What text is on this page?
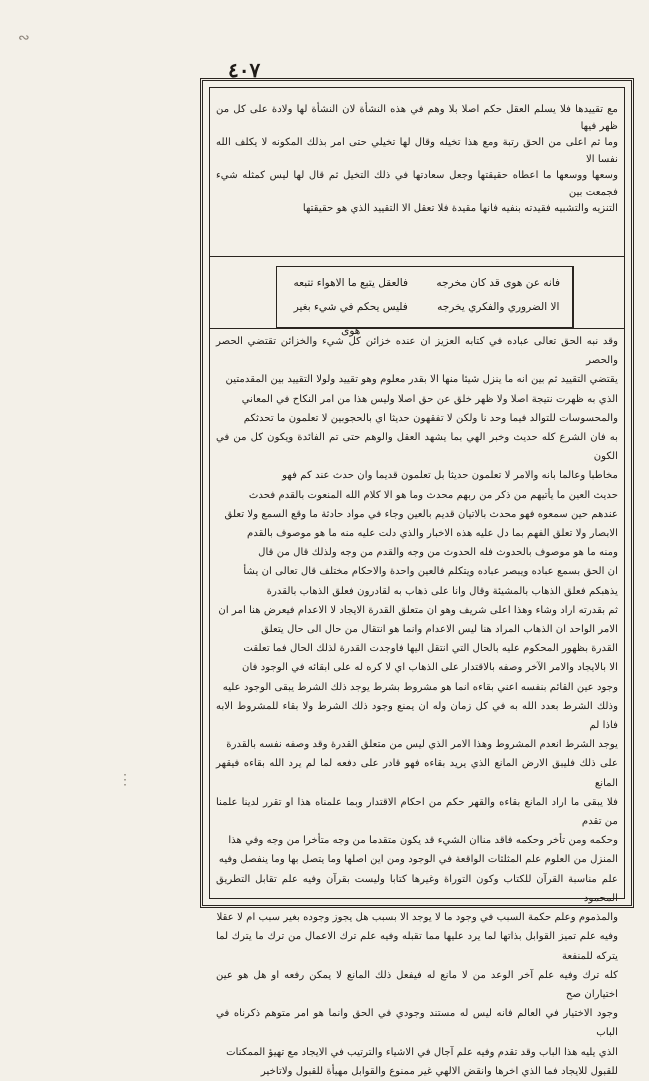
∾
⋮
٤٠٧

مع تقييدها فلا يسلم العقل حكم اصلا بلا وهم في هذه النشأة لان النشأة لها ولادة على كل من ظهر فيها

وما ثم اعلى من الحق رتبة ومع هذا تخيله وقال لها تخيلي حتى امر بذلك المكونه لا يكلف الله نفسا الا

وسعها ووسعها ما اعطاه حقيقتها وجعل سعادتها في ذلك التخيل ثم قال لها ليس كمثله شيء فجمعت بين

التنزيه والتشبيه فقيدته بنفيه فانها مقيدة فلا تعقل الا التقييد الذي هو حقيقتها

فالعقل يتبع ما الاهواء تتبعه
فليس يحكم في شيء بغير هوى
فانه عن هوى قد كان مخرجه
الا الضروري والفكري يخرجه

وقد نبه الحق تعالى عباده في كتابه العزيز ان عنده خزائن كل شيء والخزائن تقتضي الحصر والحصر

يقتضي التقييد ثم بين انه ما ينزل شيئا منها الا بقدر معلوم وهو تقييد ولولا التقييد بين المقدمتين

الذي به ظهرت نتيجة اصلا ولا ظهر خلق عن حق اصلا وليس هذا من امر النكاح في المعاني

والمحسوسات للتوالد فيما وحد نا ولكن لا تفقهون حديثا اي بالحجوبين لا تعلمون ما تحدثكم

به فان الشرع كله حديث وخبر الهي بما يشهد العقل والوهم حتى تم الفائدة ويكون كل من في الكون

مخاطبا وعالما بانه والامر لا تعلمون حديثا بل تعلمون قديما وان حدث عند كم فهو

حديث العين ما يأتيهم من ذكر من ربهم محدث وما هو الا كلام الله المنعوت بالقدم فحدث

عندهم حين سمعوه فهو محدث بالاتيان قديم بالعين وجاء في مواد حادثة ما وقع السمع ولا تعلق

الابصار ولا تعلق الفهم بما دل عليه هذه الاخبار والذي دلت عليه منه ما هو موصوف بالقدم

ومنه ما هو موصوف بالحدوث فله الحدوث من وجه والقدم من وجه ولذلك قال من قال

ان الحق بسمع عباده ويبصر عباده ويتكلم فالعين واحدة والاحكام مختلف قال تعالى ان يشأ

يذهبكم فعلق الذهاب بالمشيئة وقال وانا على ذهاب به لقادرون فعلق الذهاب بالقدرة

ثم بقدرته اراد وشاء وهذا اعلى شريف وهو ان متعلق القدرة الايجاد لا الاعدام فيعرض هنا امر ان

الامر الواحد ان الذهاب المراد هنا ليس الاعدام وانما هو انتقال من حال الى حال يتعلق

القدرة بظهور المحكوم عليه بالحال التي انتقل اليها فاوجدت القدرة لذلك الحال فما تعلقت

الا بالايجاد والامر الآخر وصفه بالاقتدار على الذهاب اي لا كره له على ابقائه في الوجود فان

وجود عين القائم بنفسه اعني بقاءه انما هو مشروط بشرط يوجد ذلك الشرط يبقى الوجود عليه

وذلك الشرط بعدد الله به في كل زمان وله ان يمنع وجود ذلك الشرط ولا بقاء للمشروط الابه فاذا لم

يوجد الشرط انعدم المشروط وهذا الامر الذي ليس من متعلق القدرة وقد وصفه نفسه بالقدرة

على ذلك فليبق الارض المانع الذي يريد بقاءه فهو قادر على دفعه لما لم يرد الله بقاءه فيقهر المانع

فلا يبقى ما اراد المانع بقاءه والقهر حكم من احكام الاقتدار وبما علمناه هذا او تقرر لدينا علمنا من تقدم

وحكمه ومن تأخر وحكمه فاقد مناان الشيء قد يكون متقدما من وجه متأخرا من وجه وفي هذا

المنزل من العلوم علم المثلثات الواقعة في الوجود ومن اين اصلها وما يتصل بها وما ينفصل وفيه

علم مناسبة القرآن للكتاب وكون التوراة وغيرها كتابا وليست بقرآن وفيه علم تقابل التطريق المحمود

والمذموم وعلم حكمة السبب في وجود ما لا يوجد الا بسبب هل يجوز وجوده بغير سبب ام لا عقلا

وفيه علم تميز القوابل بذاتها لما يرد عليها مما تقبله وفيه علم ترك الاعمال من ترك ما يترك لما يتركه للمنفعة

كله ترك وفيه علم آخر الوعد من لا مانع له فيفعل ذلك المانع لا يمكن رفعه او هل هو عين اختياران صح

وجود الاختيار في العالم فانه ليس له مستند وجودي في الحق وانما هو امر متوهم ذكرناه في الباب

الذي يليه هذا الباب وقد تقدم وفيه علم آجال في الاشياء والترتيب في الايجاد مع تهيؤ الممكنات

للقبول للايجاد فما الذي اخرها وانقض الالهي غير ممنوع والقوابل مهيأة للقبول ولاتاخير
